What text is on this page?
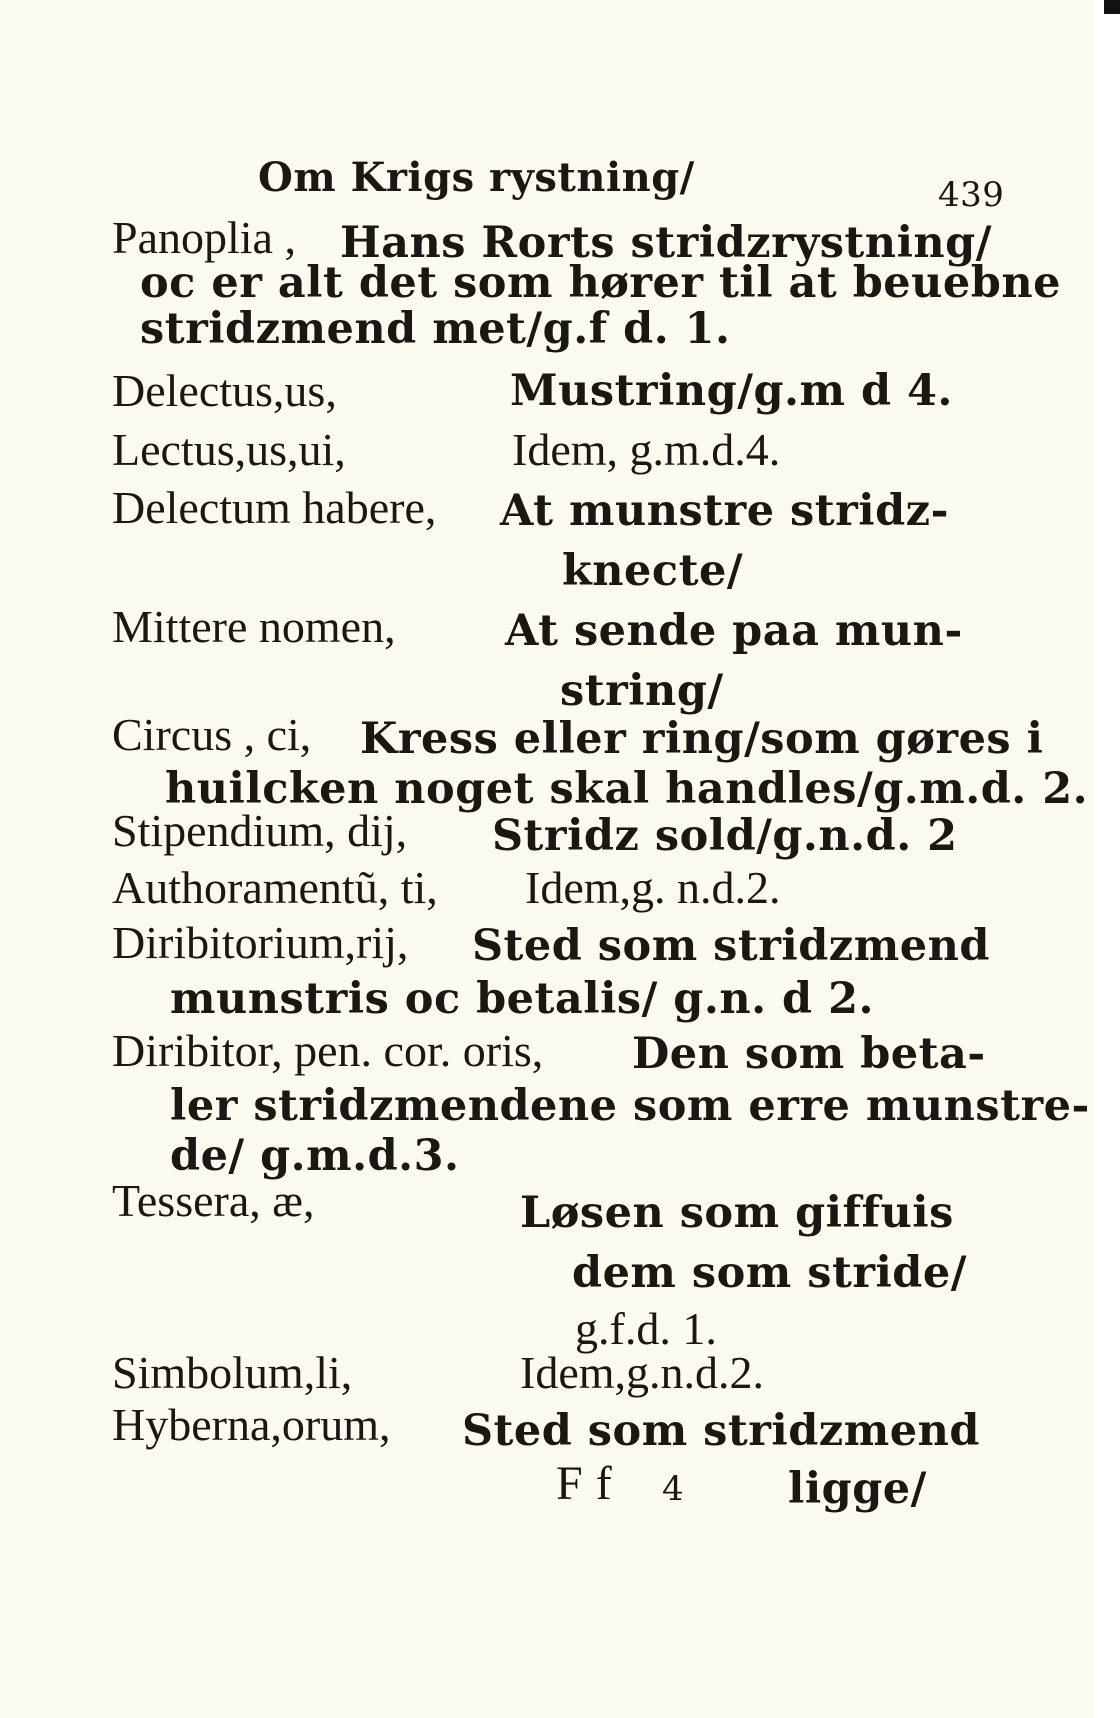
Om Krigs rystning/	439
Panoplia , Hans Rorts stridzrystning/
oc er alt det som hører til at beuebne
stridzmend met/g.f d. 1.
Delectus,us,	Mustring/g.m d 4.
Lectus,us,ui,	Idem, g.m.d.4.
Delectum habere, At munstre stridz-
knecte/
Mittere nomen,	At sende paa mun-
string/
Circus , ci, Kress eller ring/som gøres i
huilcken noget skal handles/g.m.d. 2.
Stipendium, dij, Stridz sold/g.n.d. 2
Authoramentũ, ti, Idem,g. n.d.2.
Diribitorium,rij, Sted som stridzmend
munstris oc betalis/ g.n. d 2.
Diribitor, pen. cor. oris, Den som beta-
ler stridzmendene som erre munstre-
de/ g.m.d.3.
Tessera, æ,	Løsen som giffuis
dem som stride/
g.f.d. 1.
Simbolum,li,	Idem,g.n.d.2.
Hyberna,orum, Sted som stridzmend
F f 4 ligge/
